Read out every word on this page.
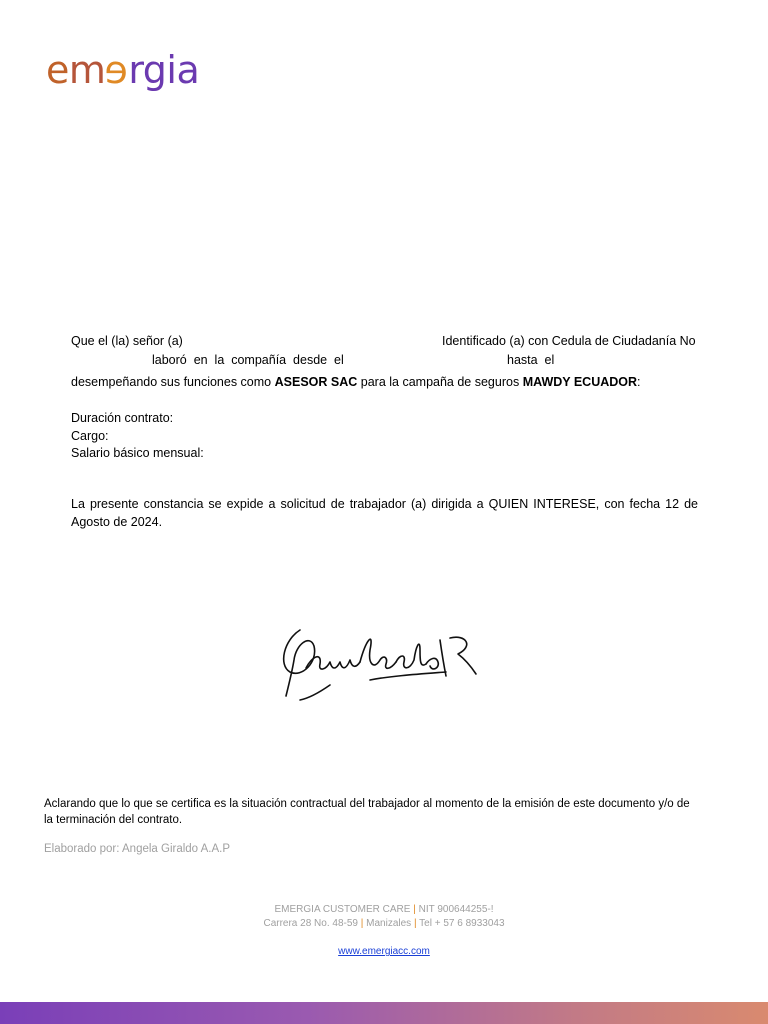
emergia
Que el (la) señor (a)	Identificado (a) con Cedula de Ciudadanía No
laboró  en  la  compañía  desde  el	hasta  el
desempeñando sus funciones como ASESOR SAC para la campaña de seguros MAWDY ECUADOR:
Duración contrato:
Cargo:
Salario básico mensual:
La presente constancia se expide a solicitud de trabajador (a) dirigida a QUIEN INTERESE, con fecha 12 de Agosto de 2024.
Aclarando que lo que se certifica es la situación contractual del trabajador al momento de la emisión de este documento y/o de la terminación del contrato.
Elaborado por: Angela Giraldo A.A.P
EMERGIA CUSTOMER CARE | NIT 900644255-!
Carrera 28 No. 48-59 | Manizales | Tel + 57 6 8933043
www.emergiacc.com
